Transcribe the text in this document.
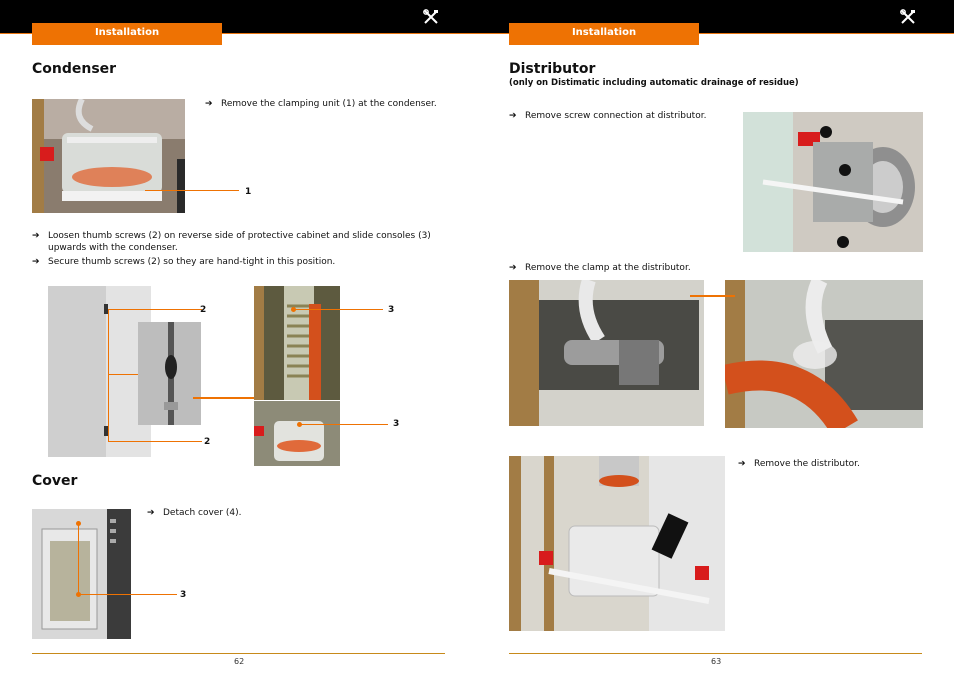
Installation	Installation
Condenser
1
➔ Remove the clamping unit (1) at the condenser.
➔ Loosen thumb screws (2) on reverse side of protective cabinet and slide consoles (3) upwards with the condenser.
➔ Secure thumb screws (2) so they are hand-tight in this position.
2
2
3
3
Cover
3
➔ Detach cover (4).
62
Distributor
(only on Distimatic including automatic drainage of residue)
➔ Remove screw connection at distributor.
➔ Remove the clamp at the distributor.
➔ Remove the distributor.
63
